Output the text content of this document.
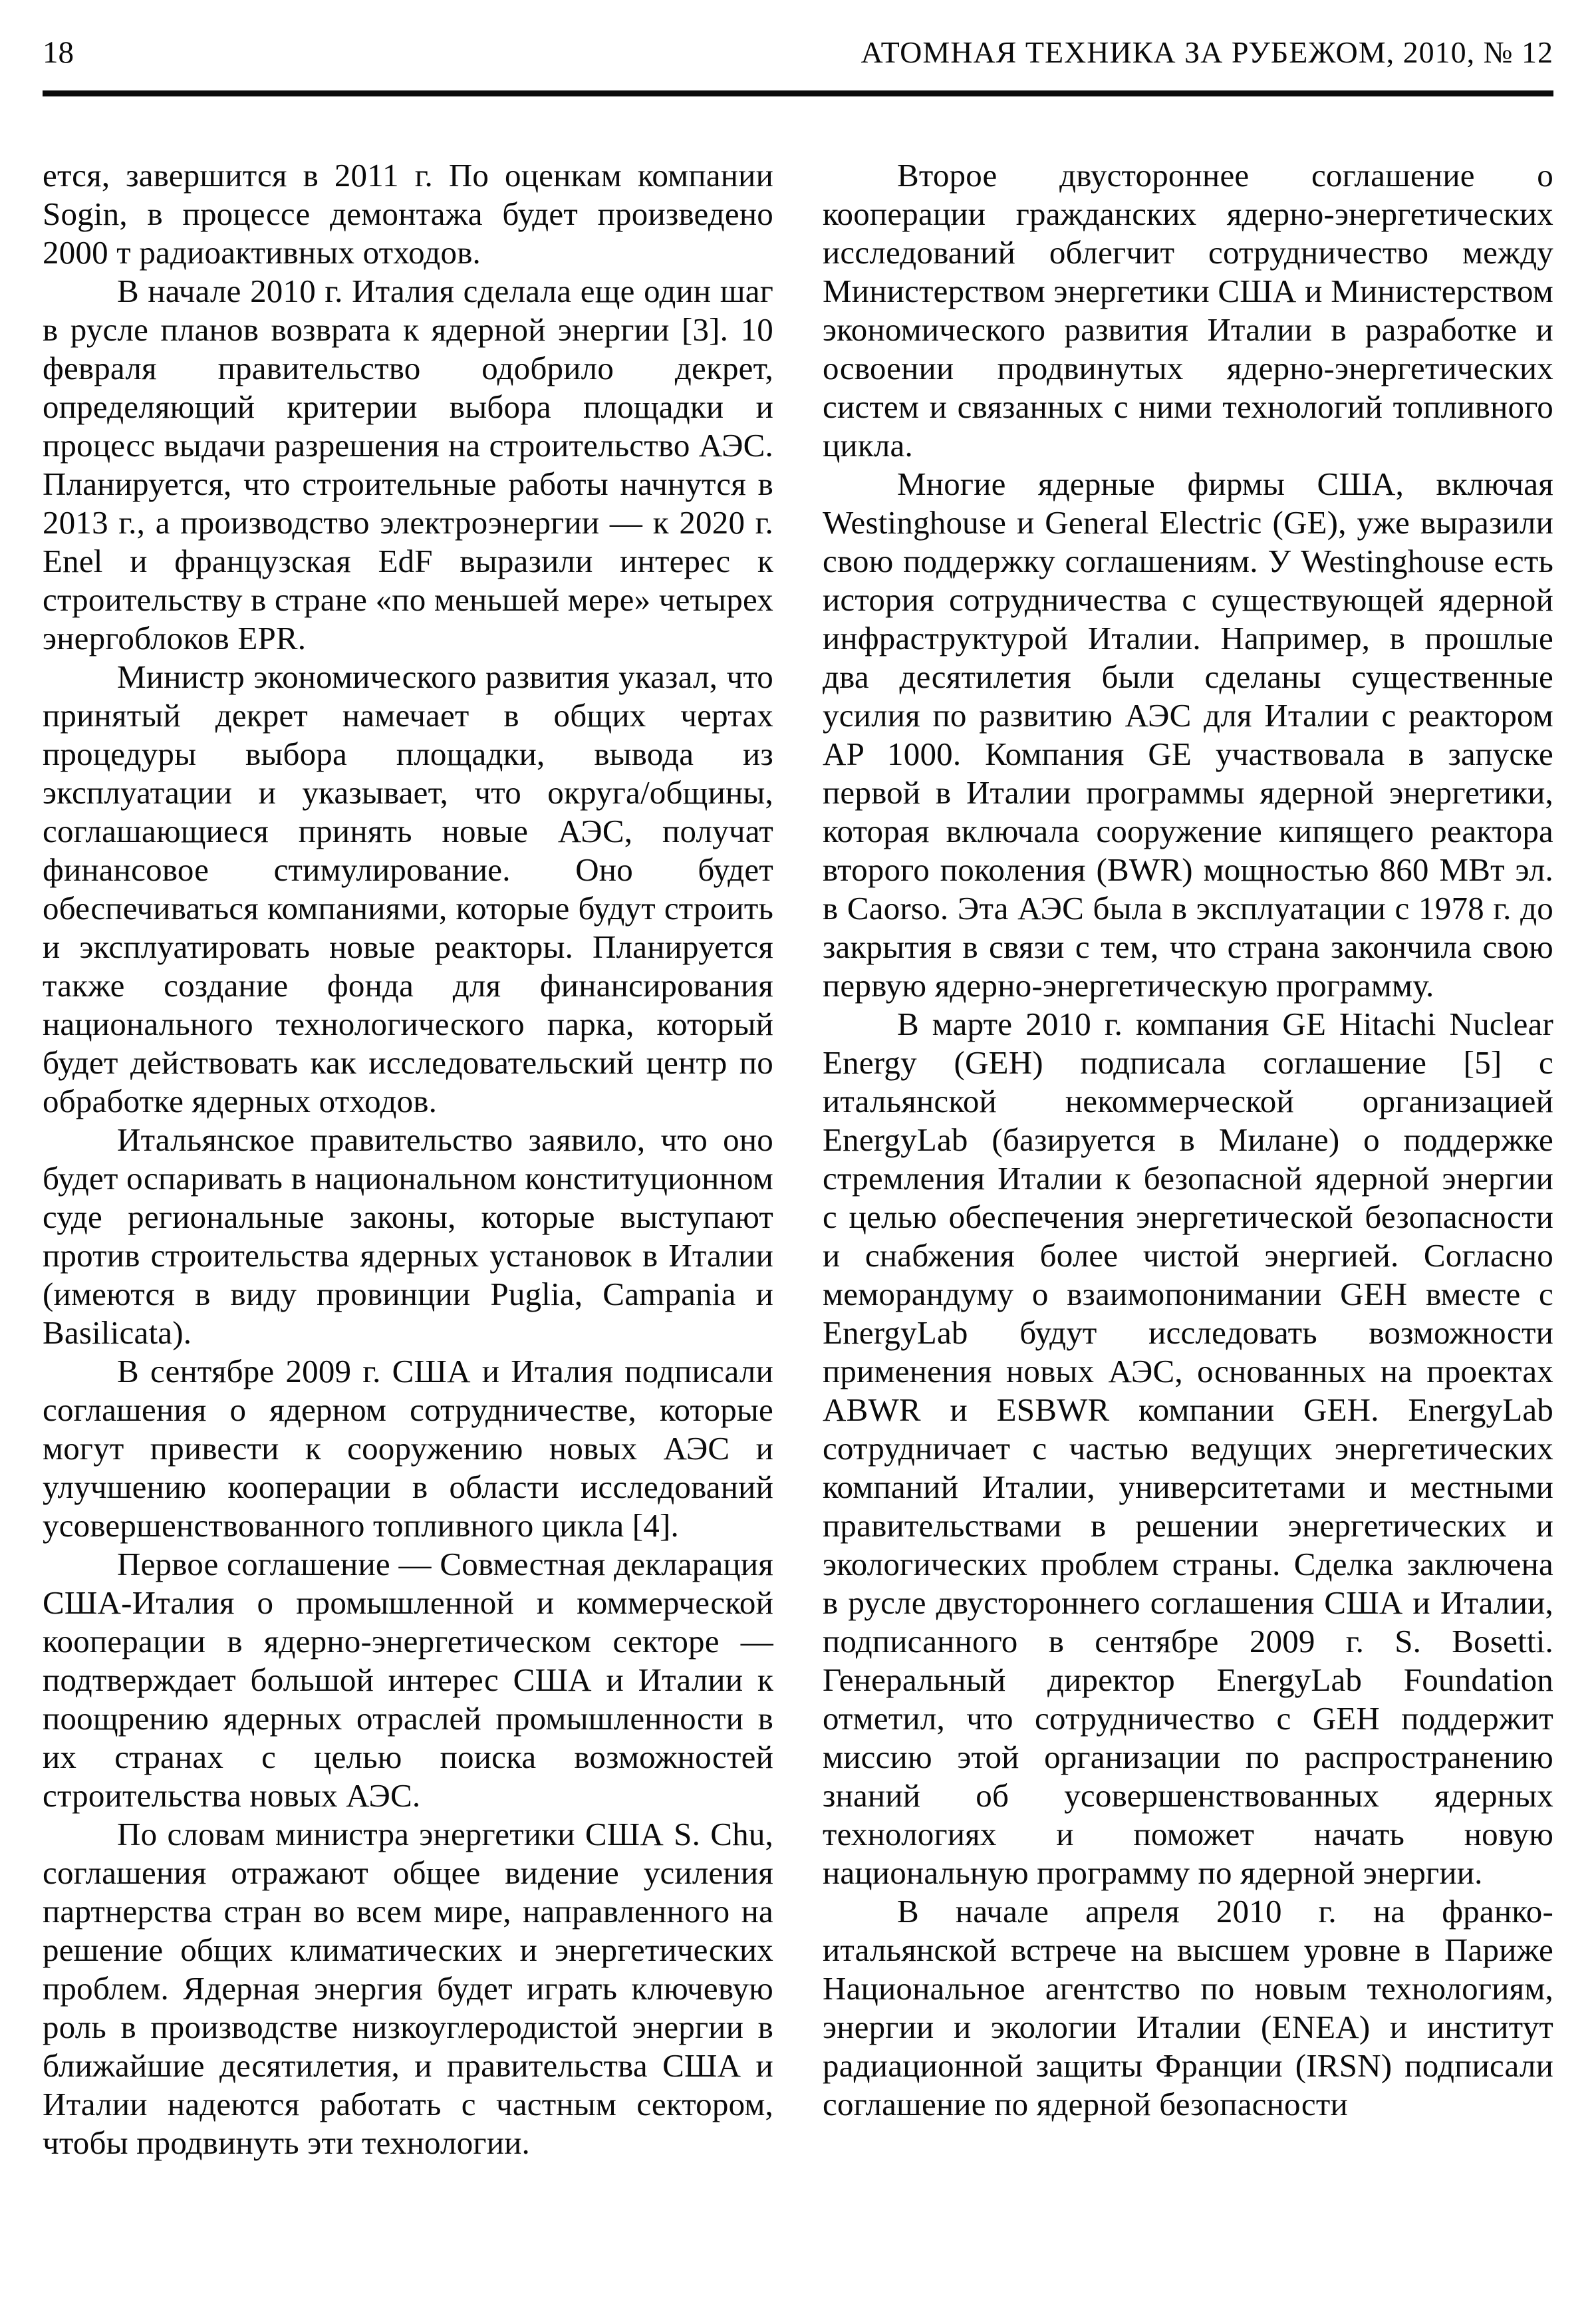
18	АТОМНАЯ ТЕХНИКА ЗА РУБЕЖОМ, 2010, № 12

ется, завершится в 2011 г. По оценкам компании Sogin, в процессе демонтажа будет произведено 2000 т радиоактивных отходов.

В начале 2010 г. Италия сделала еще один шаг в русле планов возврата к ядерной энергии [3]. 10 февраля правительство одобрило декрет, определяющий критерии выбора площадки и процесс выдачи разрешения на строительство АЭС. Планируется, что строительные работы начнутся в 2013 г., а производство электроэнергии — к 2020 г. Enel и французская EdF выразили интерес к строительству в стране «по меньшей мере» четырех энергоблоков EPR.

Министр экономического развития указал, что принятый декрет намечает в общих чертах процедуры выбора площадки, вывода из эксплуатации и указывает, что округа/общины, соглашающиеся принять новые АЭС, получат финансовое стимулирование. Оно будет обеспечиваться компаниями, которые будут строить и эксплуатировать новые реакторы. Планируется также создание фонда для финансирования национального технологического парка, который будет действовать как исследовательский центр по обработке ядерных отходов.

Итальянское правительство заявило, что оно будет оспаривать в национальном конституционном суде региональные законы, которые выступают против строительства ядерных установок в Италии (имеются в виду провинции Puglia, Campania и Basilicata).

В сентябре 2009 г. США и Италия подписали соглашения о ядерном сотрудничестве, которые могут привести к сооружению новых АЭС и улучшению кооперации в области исследований усовершенствованного топливного цикла [4].

Первое соглашение — Совместная декларация США-Италия о промышленной и коммерческой кооперации в ядерно-энергетическом секторе — подтверждает большой интерес США и Италии к поощрению ядерных отраслей промышленности в их странах с целью поиска возможностей строительства новых АЭС.

По словам министра энергетики США S. Chu, соглашения отражают общее видение усиления партнерства стран во всем мире, направленного на решение общих климатических и энергетических проблем. Ядерная энергия будет играть ключевую роль в производстве низкоуглеродистой энергии в ближайшие десятилетия, и правительства США и Италии надеются работать с частным сектором, чтобы продвинуть эти технологии.

Второе двустороннее соглашение о кооперации гражданских ядерно-энергетических исследований облегчит сотрудничество между Министерством энергетики США и Министерством экономического развития Италии в разработке и освоении продвинутых ядерно-энергетических систем и связанных с ними технологий топливного цикла.

Многие ядерные фирмы США, включая Westinghouse и General Electric (GE), уже выразили свою поддержку соглашениям. У Westinghouse есть история сотрудничества с существующей ядерной инфраструктурой Италии. Например, в прошлые два десятилетия были сделаны существенные усилия по развитию АЭС для Италии с реактором AP 1000. Компания GE участвовала в запуске первой в Италии программы ядерной энергетики, которая включала сооружение кипящего реактора второго поколения (BWR) мощностью 860 МВт эл. в Caorso. Эта АЭС была в эксплуатации с 1978 г. до закрытия в связи с тем, что страна закончила свою первую ядерно-энергетическую программу.

В марте 2010 г. компания GE Hitachi Nuclear Energy (GEH) подписала соглашение [5] с итальянской некоммерческой организацией EnergyLab (базируется в Милане) о поддержке стремления Италии к безопасной ядерной энергии с целью обеспечения энергетической безопасности и снабжения более чистой энергией. Согласно меморандуму о взаимопонимании GEH вместе с EnergyLab будут исследовать возможности применения новых АЭС, основанных на проектах ABWR и ESBWR компании GEH. EnergyLab сотрудничает с частью ведущих энергетических компаний Италии, университетами и местными правительствами в решении энергетических и экологических проблем страны. Сделка заключена в русле двустороннего соглашения США и Италии, подписанного в сентябре 2009 г. S. Bosetti. Генеральный директор EnergyLab Foundation отметил, что сотрудничество с GEH поддержит миссию этой организации по распространению знаний об усовершенствованных ядерных технологиях и поможет начать новую национальную программу по ядерной энергии.

В начале апреля 2010 г. на франко-итальянской встрече на высшем уровне в Париже Национальное агентство по новым технологиям, энергии и экологии Италии (ENEA) и институт радиационной защиты Франции (IRSN) подписали соглашение по ядерной безопасности
